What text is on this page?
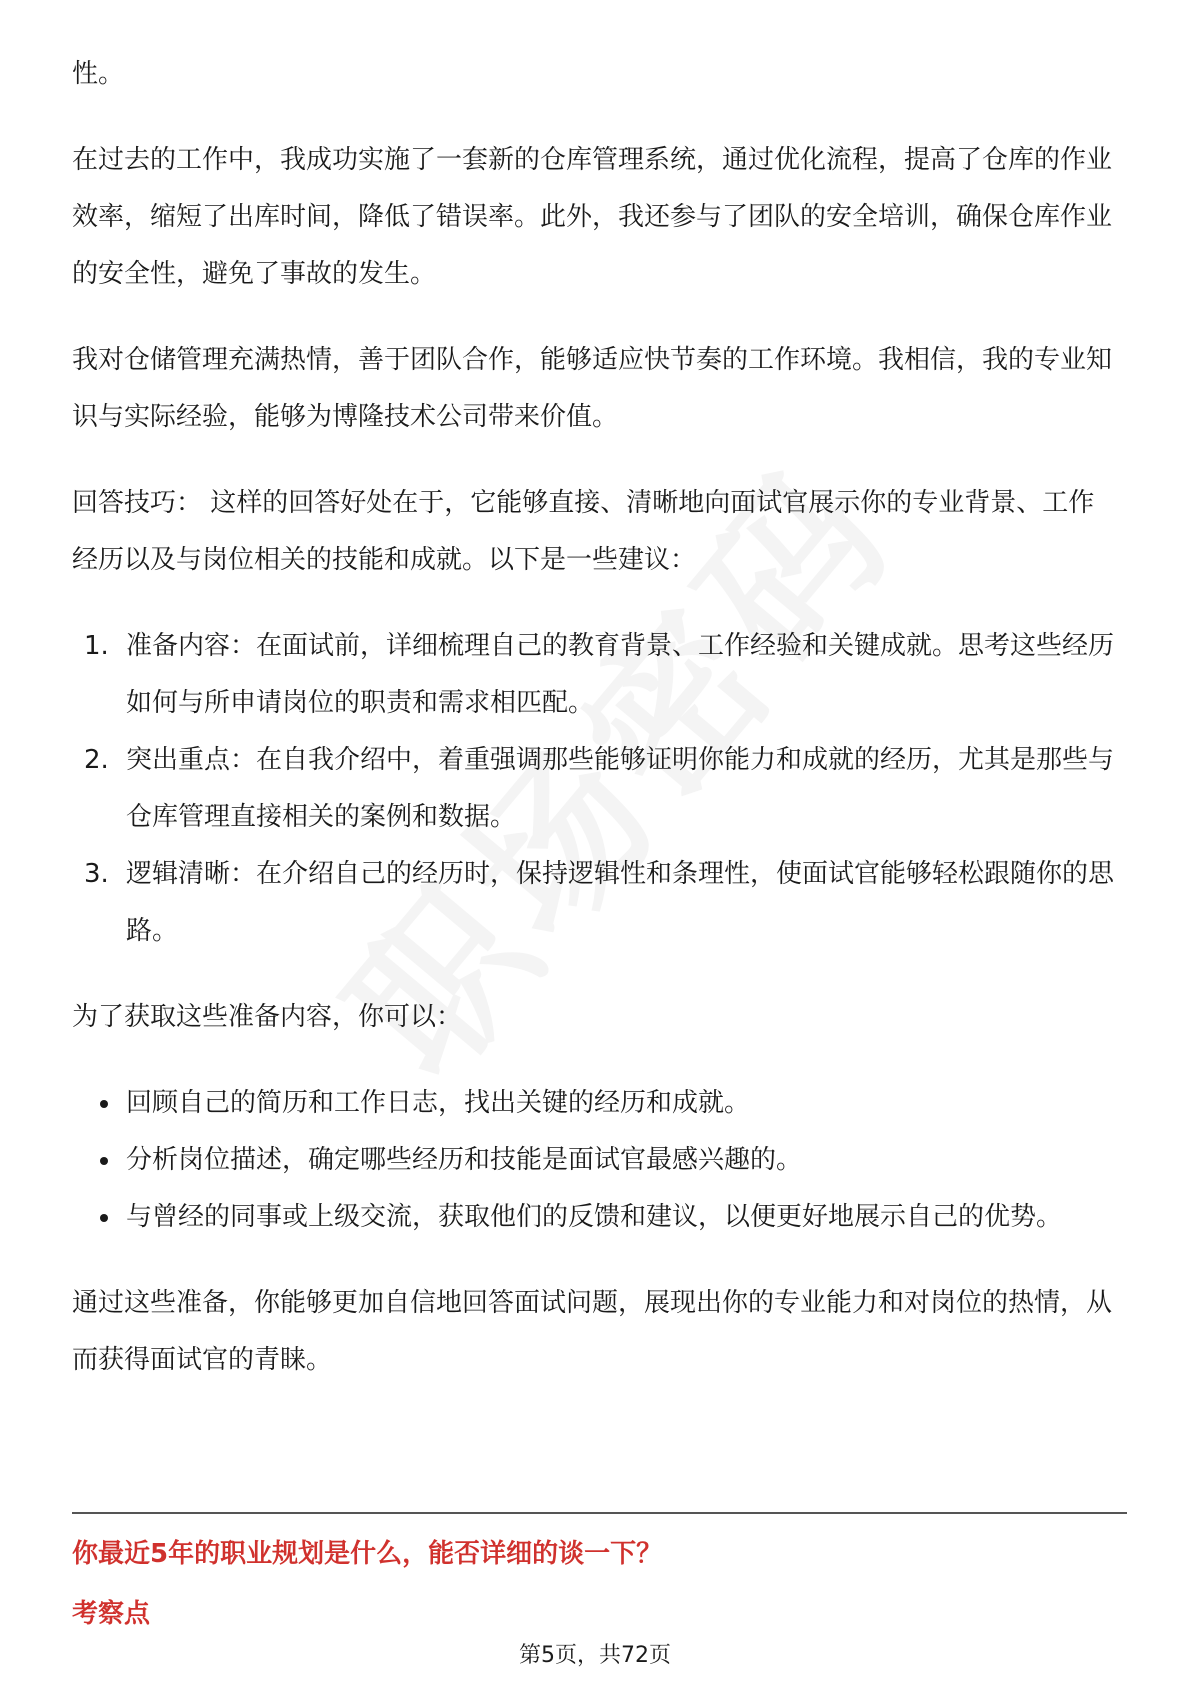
性。

在过去的工作中，我成功实施了一套新的仓库管理系统，通过优化流程，提高了仓库的作业效率，缩短了出库时间，降低了错误率。此外，我还参与了团队的安全培训，确保仓库作业的安全性，避免了事故的发生。

我对仓储管理充满热情，善于团队合作，能够适应快节奏的工作环境。我相信，我的专业知识与实际经验，能够为博隆技术公司带来价值。

回答技巧： 这样的回答好处在于，它能够直接、清晰地向面试官展示你的专业背景、工作经历以及与岗位相关的技能和成就。以下是一些建议：

1. 准备内容：在面试前，详细梳理自己的教育背景、工作经验和关键成就。思考这些经历如何与所申请岗位的职责和需求相匹配。
2. 突出重点：在自我介绍中，着重强调那些能够证明你能力和成就的经历，尤其是那些与仓库管理直接相关的案例和数据。
3. 逻辑清晰：在介绍自己的经历时，保持逻辑性和条理性，使面试官能够轻松跟随你的思路。

为了获取这些准备内容，你可以：

回顾自己的简历和工作日志，找出关键的经历和成就。
分析岗位描述，确定哪些经历和技能是面试官最感兴趣的。
与曾经的同事或上级交流，获取他们的反馈和建议，以便更好地展示自己的优势。

通过这些准备，你能够更加自信地回答面试问题，展现出你的专业能力和对岗位的热情，从而获得面试官的青睐。

你最近5年的职业规划是什么，能否详细的谈一下？
考察点
第5页，共72页
